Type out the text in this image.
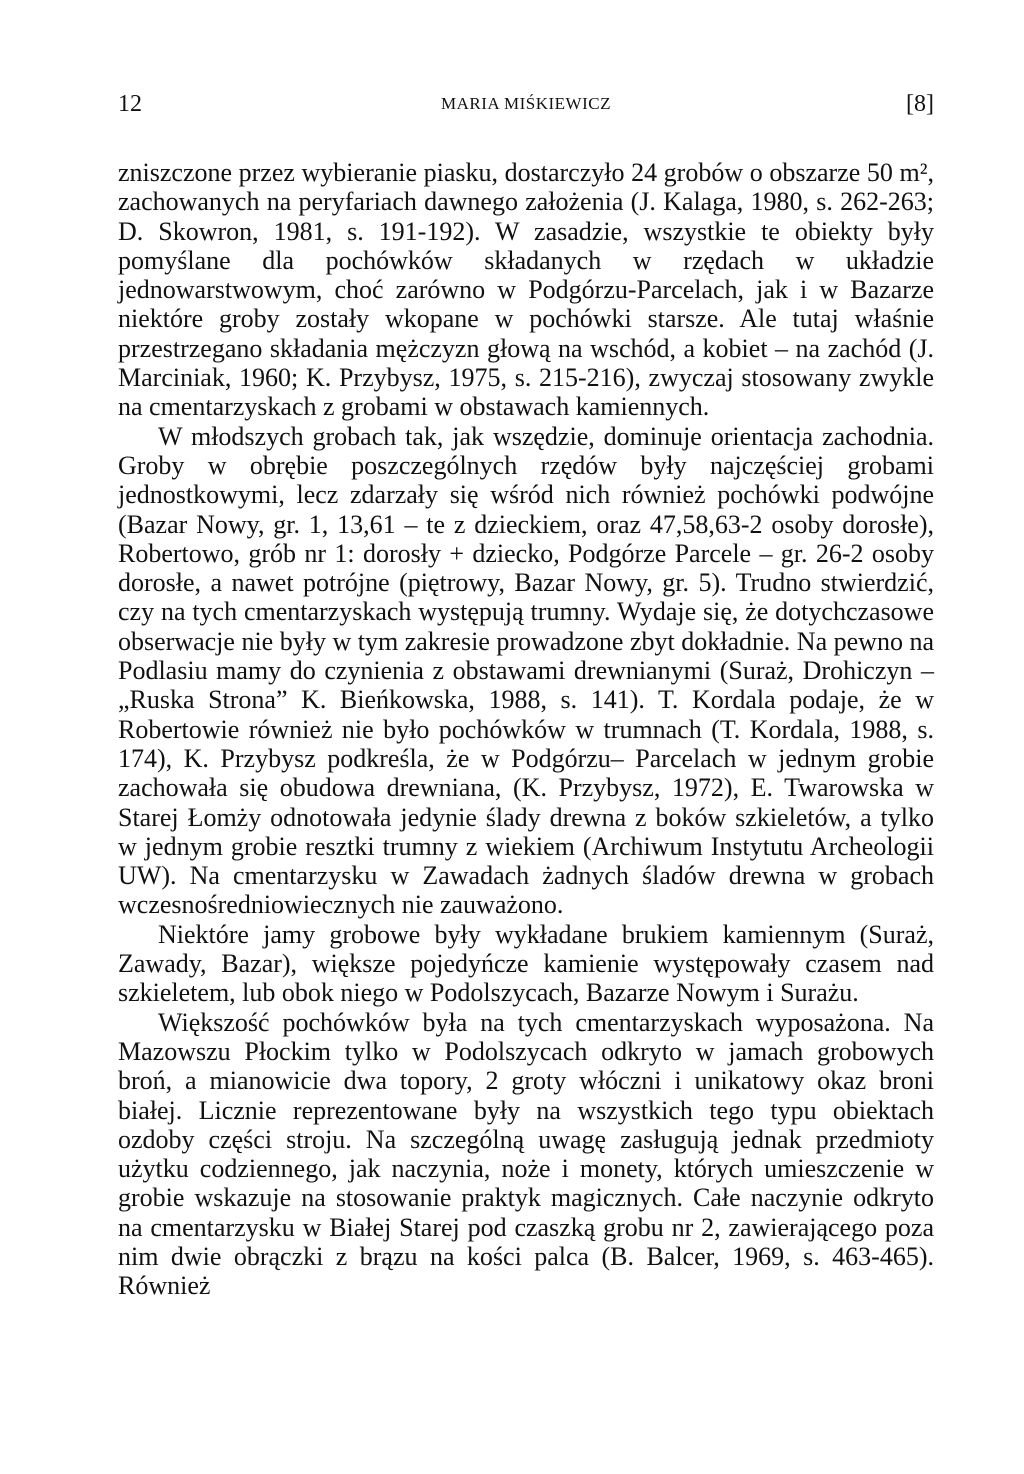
12	MARIA MIŚKIEWICZ	[8]

zniszczone przez wybieranie piasku, dostarczyło 24 grobów o obszarze 50 m², zachowanych na peryfariach dawnego założenia (J. Kalaga, 1980, s. 262-263; D. Skowron, 1981, s. 191-192). W zasadzie, wszystkie te obiekty były pomyślane dla pochówków składanych w rzędach w układzie jednowarstwowym, choć zarówno w Podgórzu-Parcelach, jak i w Bazarze niektóre groby zostały wkopane w pochówki starsze. Ale tutaj właśnie przestrzegano składania mężczyzn głową na wschód, a kobiet – na zachód (J. Marciniak, 1960; K. Przybysz, 1975, s. 215-216), zwyczaj stosowany zwykle na cmentarzyskach z grobami w obstawach kamiennych.

W młodszych grobach tak, jak wszędzie, dominuje orientacja zachodnia. Groby w obrębie poszczególnych rzędów były najczęściej grobami jednostkowymi, lecz zdarzały się wśród nich również pochówki podwójne (Bazar Nowy, gr. 1, 13,61 – te z dzieckiem, oraz 47,58,63-2 osoby dorosłe), Robertowo, grób nr 1: dorosły + dziecko, Podgórze Parcele – gr. 26-2 osoby dorosłe, a nawet potrójne (piętrowy, Bazar Nowy, gr. 5). Trudno stwierdzić, czy na tych cmentarzyskach występują trumny. Wydaje się, że dotychczasowe obserwacje nie były w tym zakresie prowadzone zbyt dokładnie. Na pewno na Podlasiu mamy do czynienia z obstawami drewnianymi (Suraż, Drohiczyn – „Ruska Strona” K. Bieńkowska, 1988, s. 141). T. Kordala podaje, że w Robertowie również nie było pochówków w trumnach (T. Kordala, 1988, s. 174), K. Przybysz podkreśla, że w Podgórzu– Parcelach w jednym grobie zachowała się obudowa drewniana, (K. Przybysz, 1972), E. Twarowska w Starej Łomży odnotowała jedynie ślady drewna z boków szkieletów, a tylko w jednym grobie resztki trumny z wiekiem (Archiwum Instytutu Archeologii UW). Na cmentarzysku w Zawadach żadnych śladów drewna w grobach wczesnośredniowiecznych nie zauważono.

Niektóre jamy grobowe były wykładane brukiem kamiennym (Suraż, Zawady, Bazar), większe pojedyńcze kamienie występowały czasem nad szkieletem, lub obok niego w Podolszycach, Bazarze Nowym i Surażu.

Większość pochówków była na tych cmentarzyskach wyposażona. Na Mazowszu Płockim tylko w Podolszycach odkryto w jamach grobowych broń, a mianowicie dwa topory, 2 groty włóczni i unikatowy okaz broni białej. Licznie reprezentowane były na wszystkich tego typu obiektach ozdoby części stroju. Na szczególną uwagę zasługują jednak przedmioty użytku codziennego, jak naczynia, noże i monety, których umieszczenie w grobie wskazuje na stosowanie praktyk magicznych. Całe naczynie odkryto na cmentarzysku w Białej Starej pod czaszką grobu nr 2, zawierającego poza nim dwie obrączki z brązu na kości palca (B. Balcer, 1969, s. 463-465). Również
